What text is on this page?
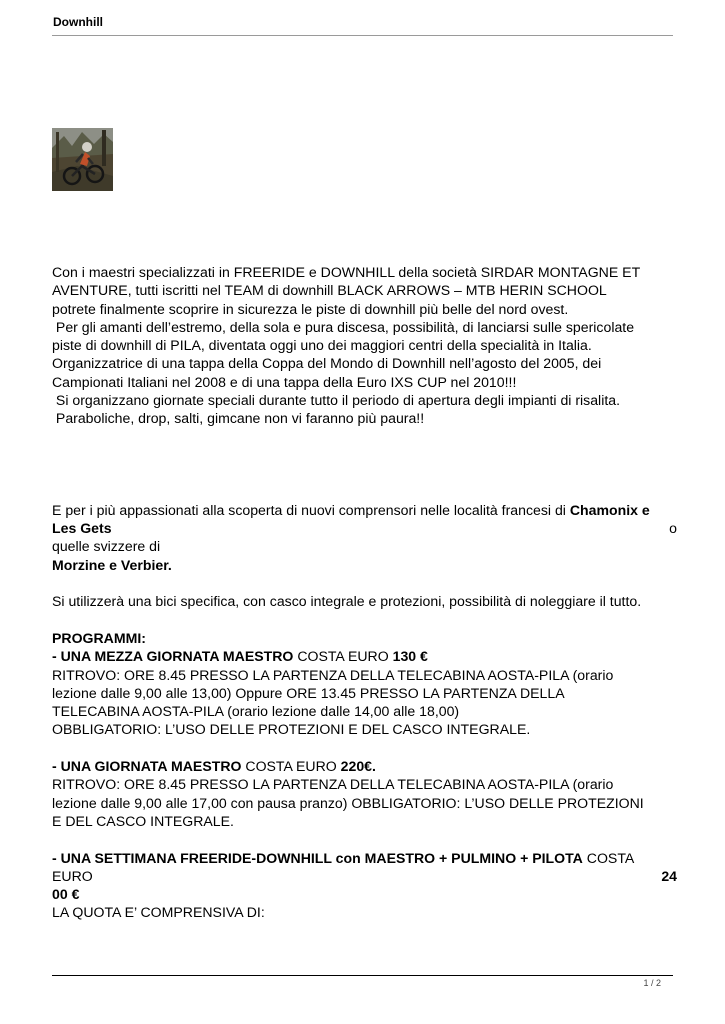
Downhill
Con i maestri specializzati in FREERIDE e DOWNHILL della società SIRDAR MONTAGNE ET
AVENTURE, tutti iscritti nel TEAM di downhill BLACK ARROWS – MTB HERIN SCHOOL
potrete finalmente scoprire in sicurezza le piste di downhill più belle del nord ovest.
Per gli amanti dell’estremo, della sola e pura discesa, possibilità, di lanciarsi sulle spericolate
piste di downhill di PILA, diventata oggi uno dei maggiori centri della specialità in Italia.
Organizzatrice di una tappa della Coppa del Mondo di Downhill nell’agosto del 2005, dei
Campionati Italiani nel 2008 e di una tappa della Euro IXS CUP nel 2010!!!
Si organizzano giornate speciali durante tutto il periodo di apertura degli impianti di risalita.
Paraboliche, drop, salti, gimcane non vi faranno più paura!!
E per i più appassionati alla scoperta di nuovi comprensori nelle località francesi di Chamonix e
Les Gets	o
quelle svizzere di
Morzine e Verbier.
Si utilizzerà una bici specifica, con casco integrale e protezioni, possibilità di noleggiare il tutto.
PROGRAMMI:
- UNA MEZZA GIORNATA MAESTRO COSTA EURO 130 €
RITROVO: ORE 8.45 PRESSO LA PARTENZA DELLA TELECABINA AOSTA-PILA (orario
lezione dalle 9,00 alle 13,00) Oppure ORE 13.45 PRESSO LA PARTENZA DELLA
TELECABINA AOSTA-PILA (orario lezione dalle 14,00 alle 18,00)
OBBLIGATORIO: L’USO DELLE PROTEZIONI E DEL CASCO INTEGRALE.
- UNA GIORNATA MAESTRO COSTA EURO 220€.
RITROVO: ORE 8.45 PRESSO LA PARTENZA DELLA TELECABINA AOSTA-PILA (orario
lezione dalle 9,00 alle 17,00 con pausa pranzo) OBBLIGATORIO: L’USO DELLE PROTEZIONI
E DEL CASCO INTEGRALE.
- UNA SETTIMANA FREERIDE-DOWNHILL con MAESTRO + PULMINO + PILOTA COSTA
EURO	24
00 €
LA QUOTA E’ COMPRENSIVA DI:
1 / 2
